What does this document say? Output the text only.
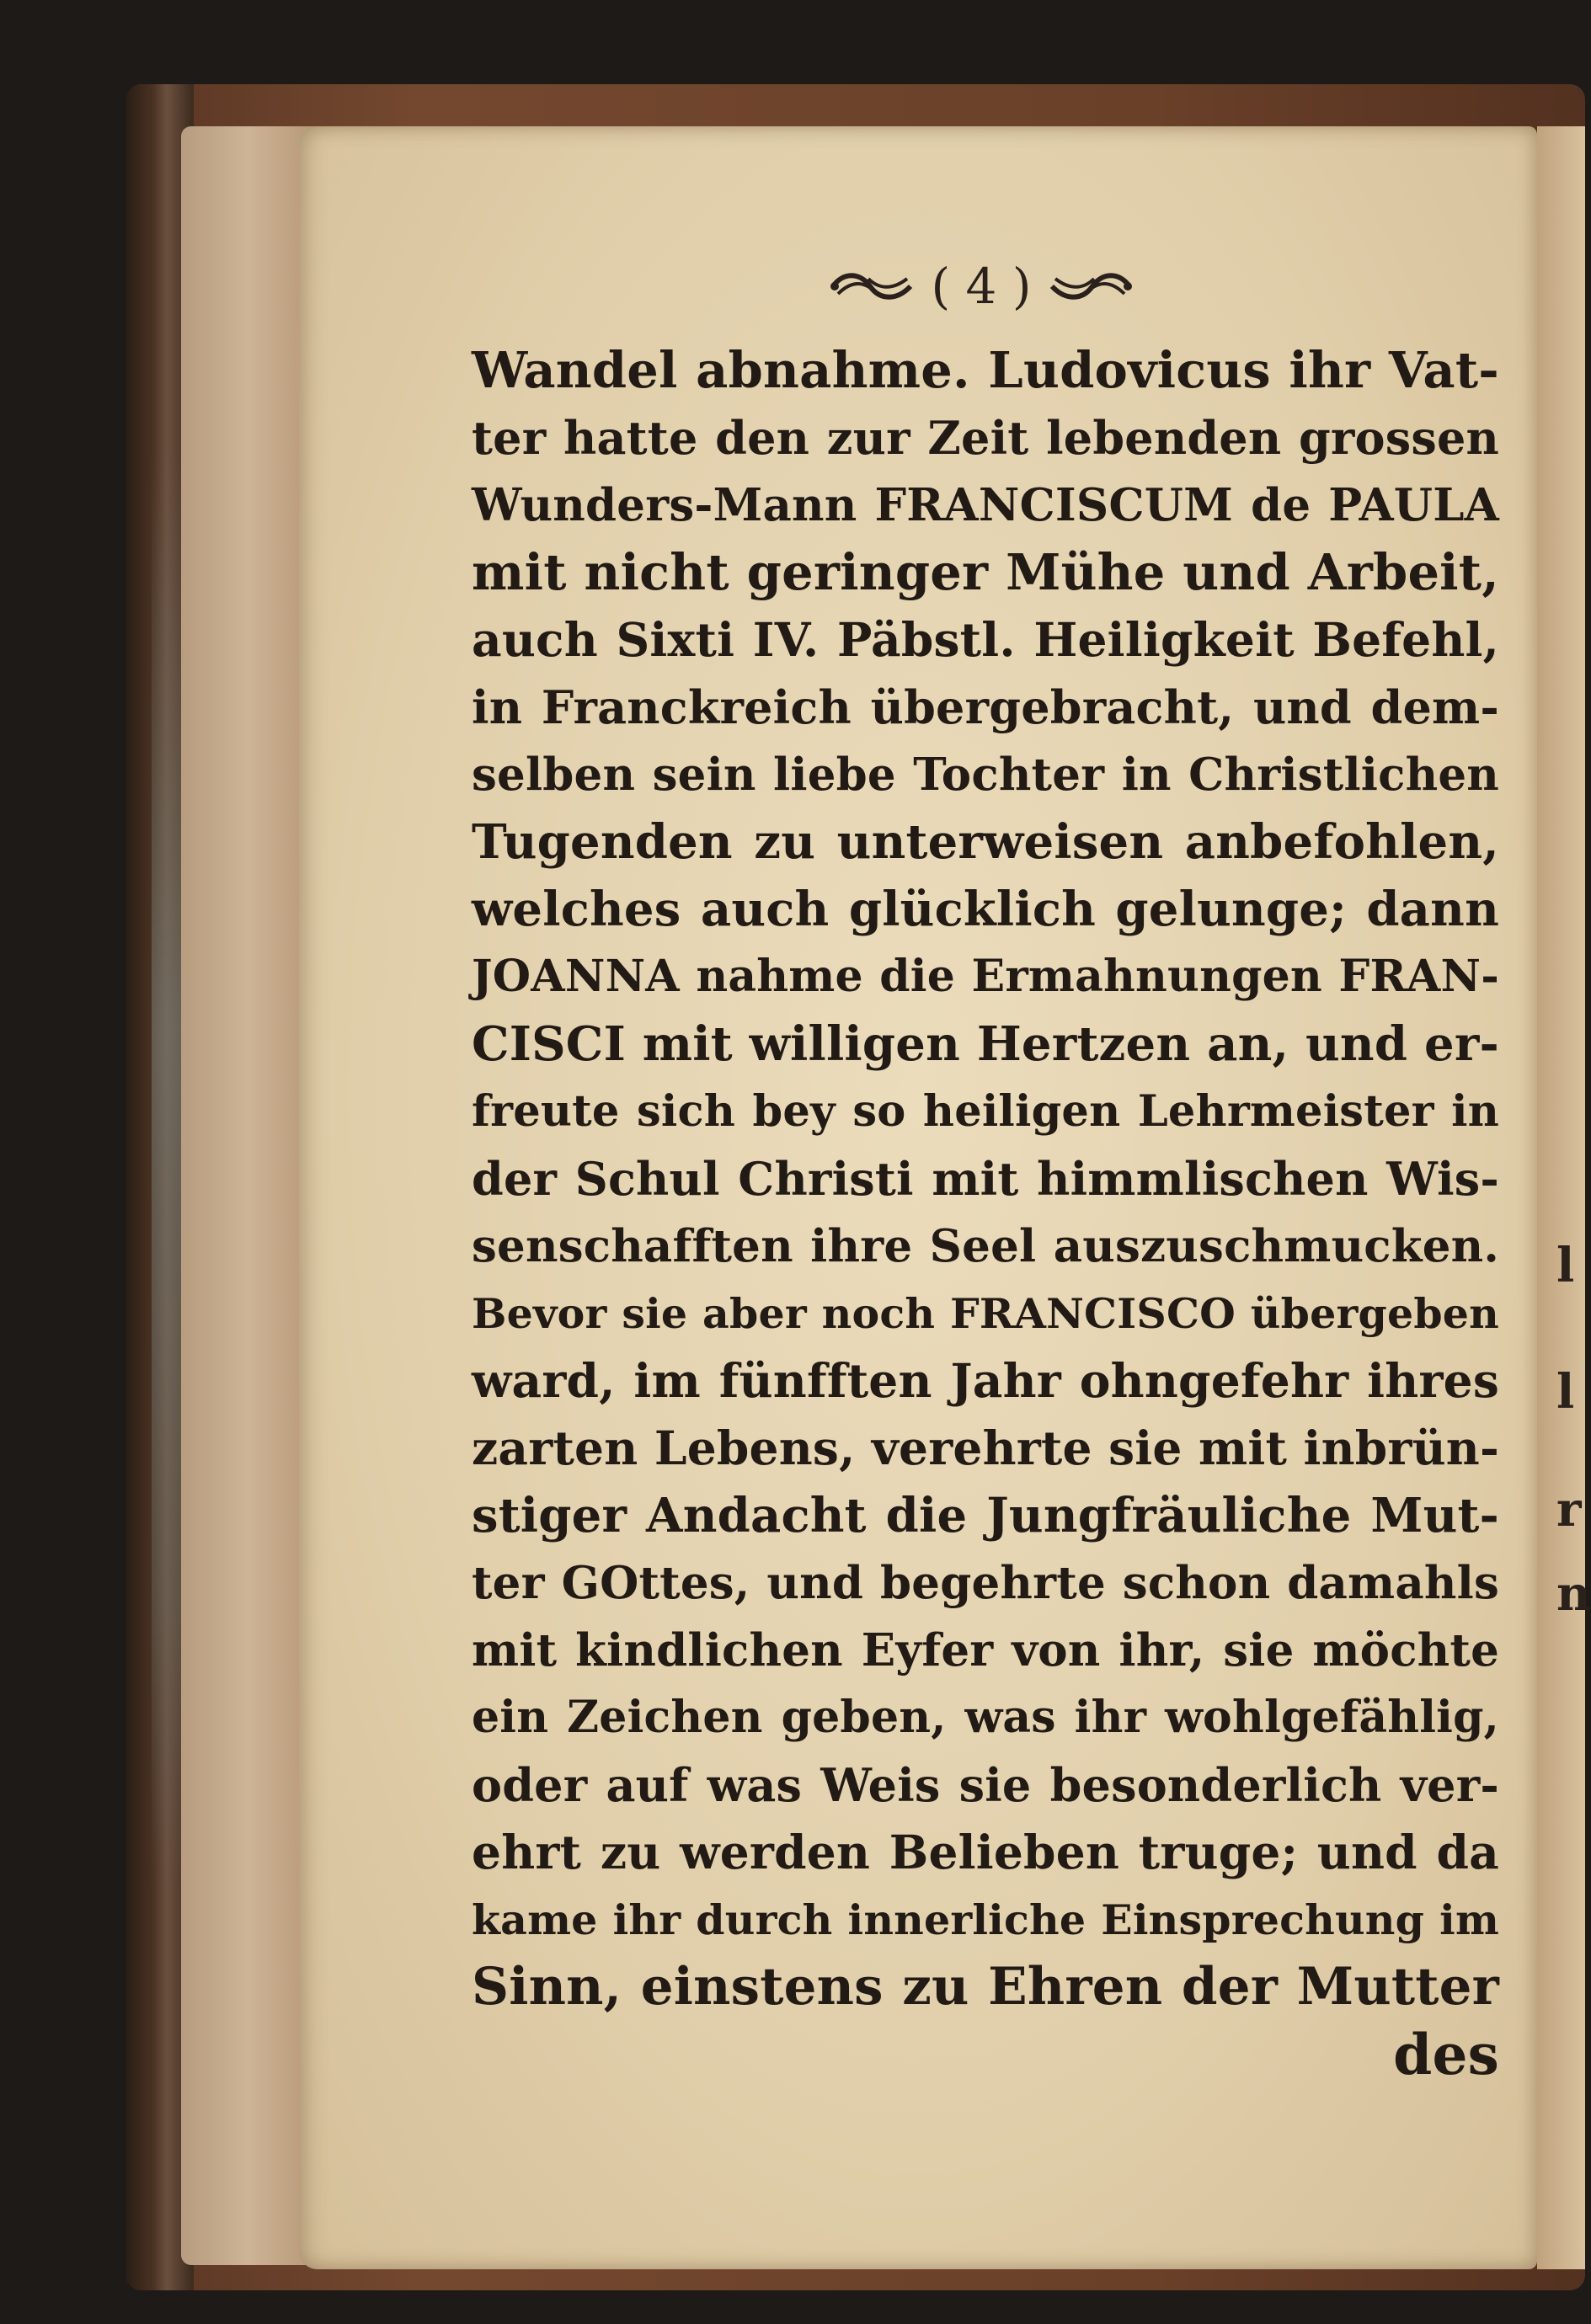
l
l
r
n
( 4 )
Wandel abnahme. Ludovicus ihr Vat-
ter hatte den zur Zeit lebenden grossen
Wunders-Mann FRANCISCUM de PAULA
mit nicht geringer Mühe und Arbeit,
auch Sixti IV. Päbstl. Heiligkeit Befehl,
in Franckreich übergebracht, und dem-
selben sein liebe Tochter in Christlichen
Tugenden zu unterweisen anbefohlen,
welches auch glücklich gelunge; dann
JOANNA nahme die Ermahnungen FRAN-
CISCI mit willigen Hertzen an, und er-
freute sich bey so heiligen Lehrmeister in
der Schul Christi mit himmlischen Wis-
senschafften ihre Seel auszuschmucken.
Bevor sie aber noch FRANCISCO übergeben
ward, im fünfften Jahr ohngefehr ihres
zarten Lebens, verehrte sie mit inbrün-
stiger Andacht die Jungfräuliche Mut-
ter GOttes, und begehrte schon damahls
mit kindlichen Eyfer von ihr, sie möchte
ein Zeichen geben, was ihr wohlgefählig,
oder auf was Weis sie besonderlich ver-
ehrt zu werden Belieben truge; und da
kame ihr durch innerliche Einsprechung im
Sinn, einstens zu Ehren der Mutter
des
